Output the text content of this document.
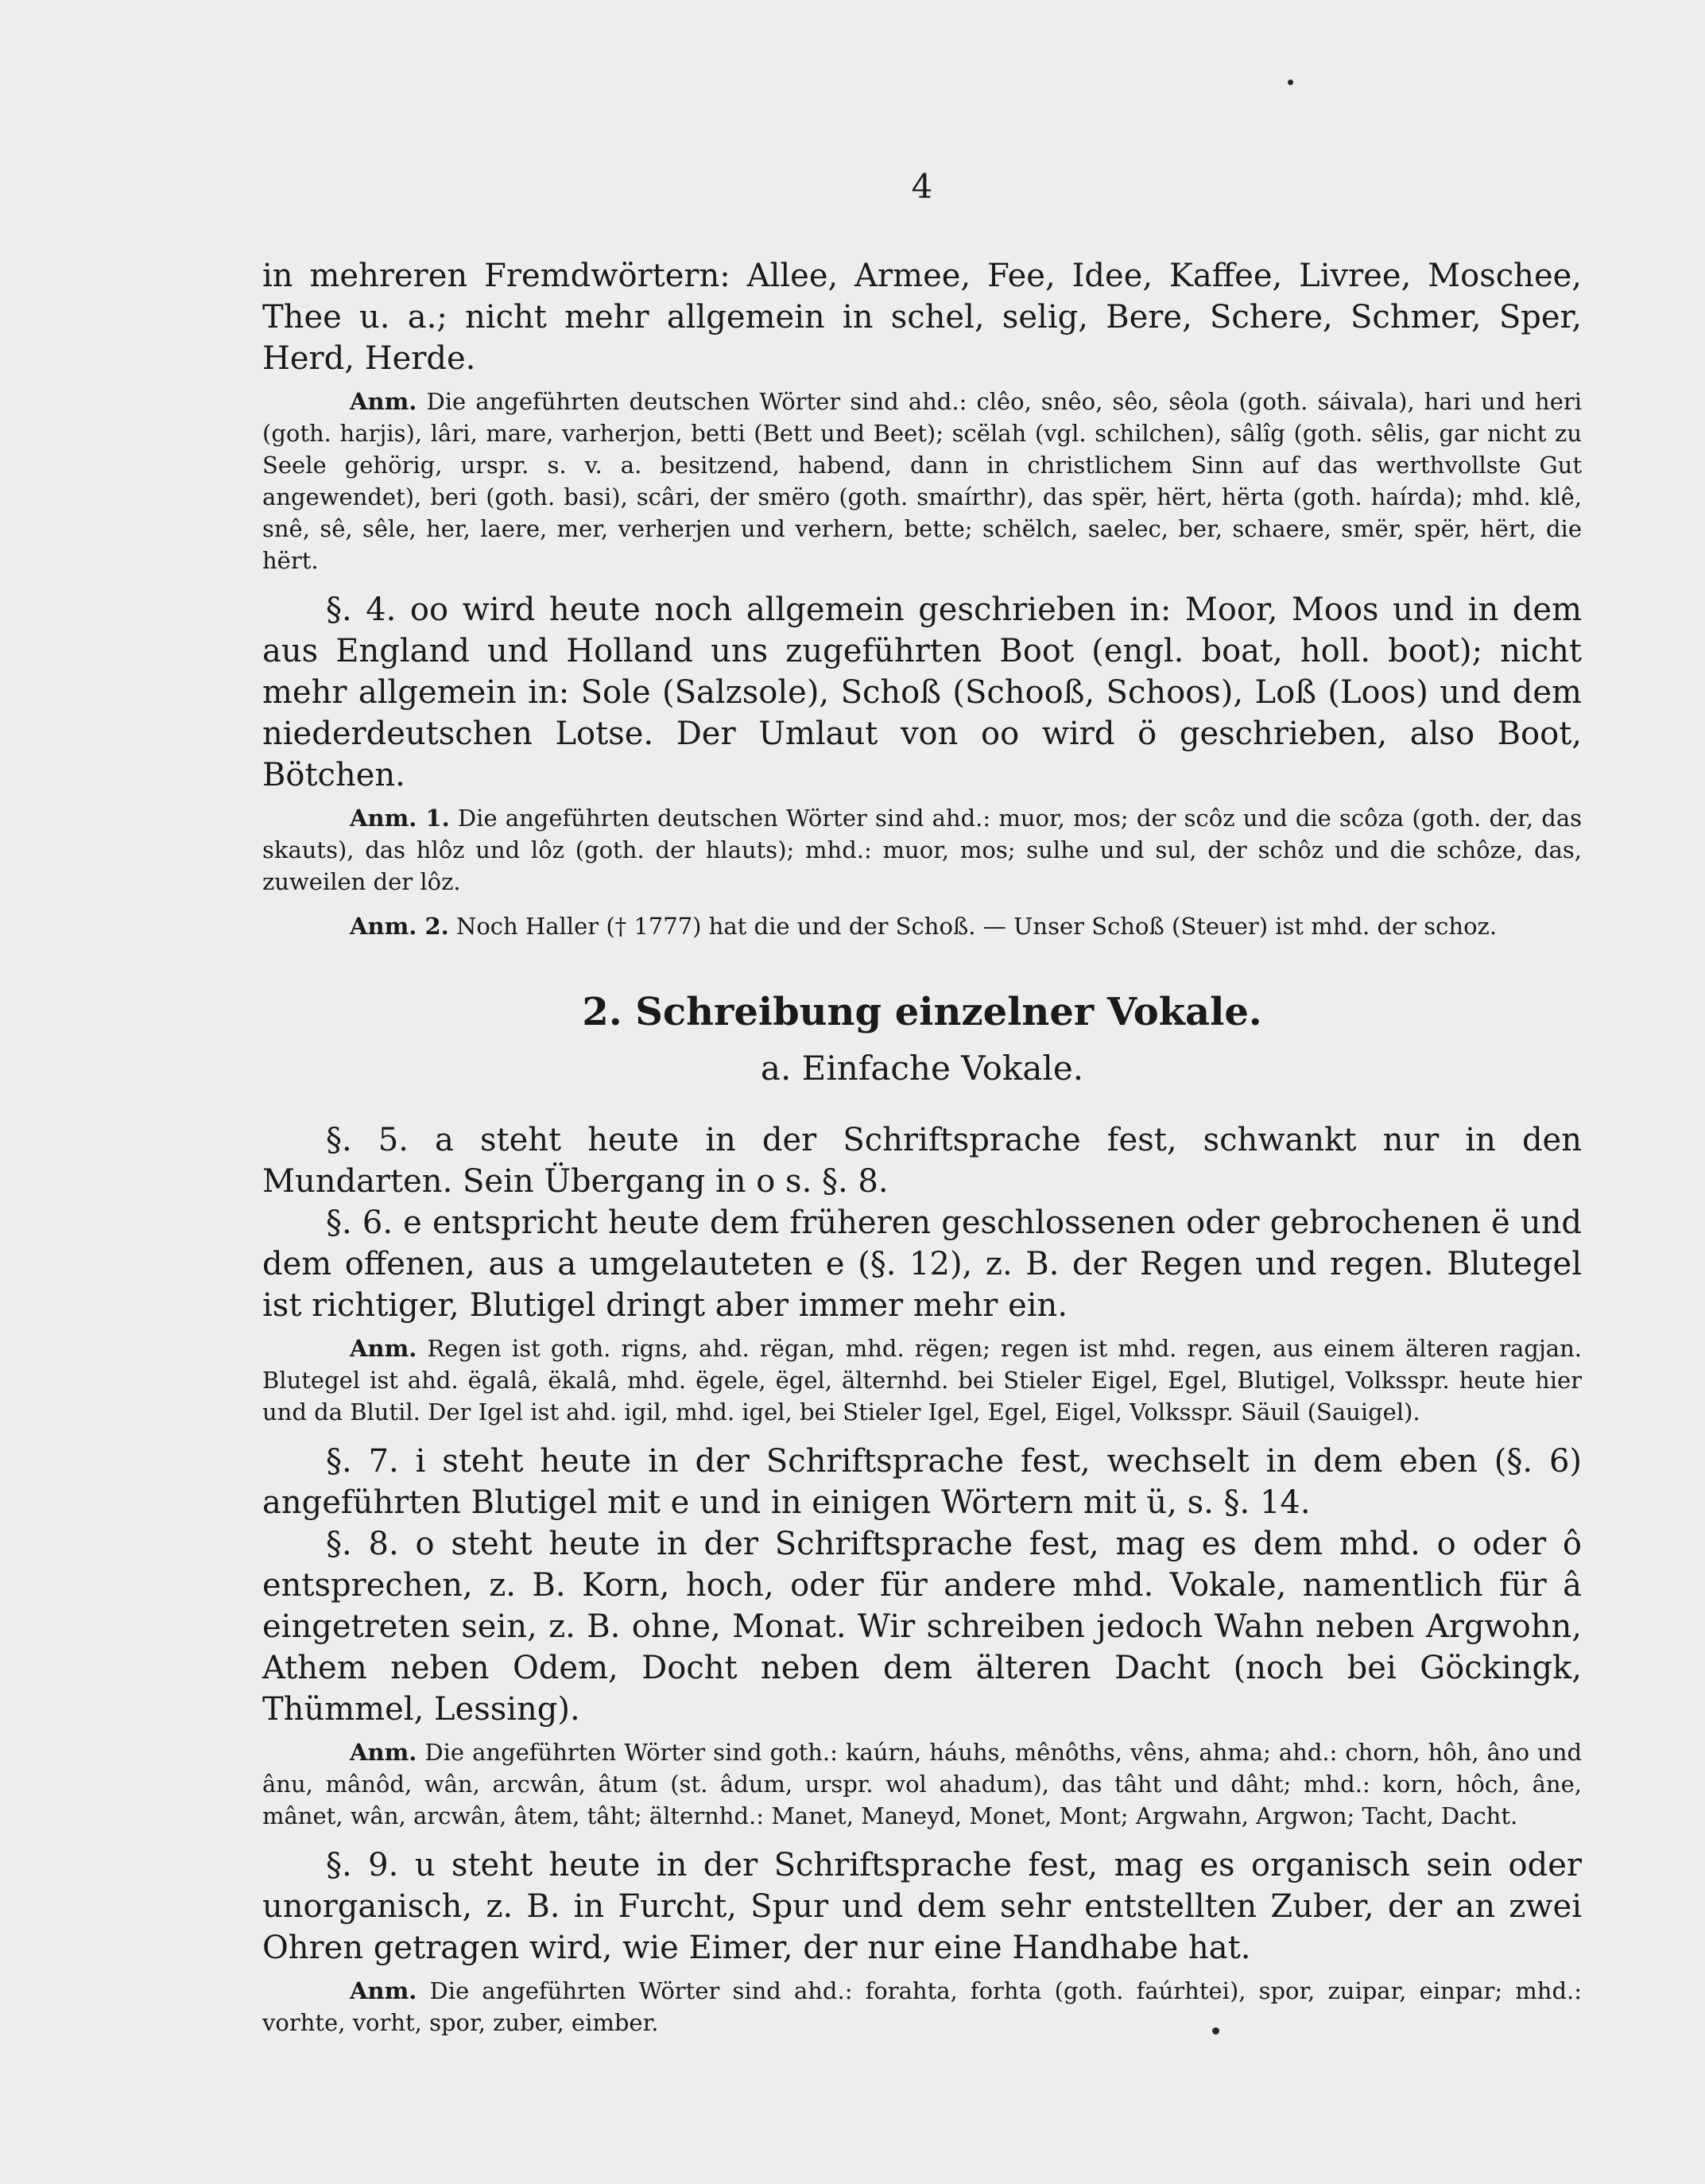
4

in mehreren Fremdwörtern: Allee, Armee, Fee, Idee, Kaffee, Livree, Moschee, Thee u. a.; nicht mehr allgemein in schel, selig, Bere, Schere, Schmer, Sper, Herd, Herde.

Anm. Die angeführten deutschen Wörter sind ahd.: clêo, snêo, sêo, sêola (goth. sáivala), hari und heri (goth. harjis), lâri, mare, varherjon, betti (Bett und Beet); scëlah (vgl. schilchen), sâlîg (goth. sêlis, gar nicht zu Seele gehörig, urspr. s. v. a. besitzend, habend, dann in christlichem Sinn auf das werthvollste Gut angewendet), beri (goth. basi), scâri, der smëro (goth. smaírthr), das spër, hërt, hërta (goth. haírda); mhd. klê, snê, sê, sêle, her, laere, mer, verherjen und verhern, bette; schëlch, saelec, ber, schaere, smër, spër, hërt, die hërt.

§. 4. oo wird heute noch allgemein geschrieben in: Moor, Moos und in dem aus England und Holland uns zugeführten Boot (engl. boat, holl. boot); nicht mehr allgemein in: Sole (Salzsole), Schoß (Schooß, Schoos), Loß (Loos) und dem niederdeutschen Lotse. Der Umlaut von oo wird ö geschrieben, also Boot, Bötchen.

Anm. 1. Die angeführten deutschen Wörter sind ahd.: muor, mos; der scôz und die scôza (goth. der, das skauts), das hlôz und lôz (goth. der hlauts); mhd.: muor, mos; sulhe und sul, der schôz und die schôze, das, zuweilen der lôz.
Anm. 2. Noch Haller († 1777) hat die und der Schoß. — Unser Schoß (Steuer) ist mhd. der schoz.
2. Schreibung einzelner Vokale.
a. Einfache Vokale.

§. 5. a steht heute in der Schriftsprache fest, schwankt nur in den Mundarten. Sein Übergang in o s. §. 8.

§. 6. e entspricht heute dem früheren geschlossenen oder gebrochenen ë und dem offenen, aus a umgelauteten e (§. 12), z. B. der Regen und regen. Blutegel ist richtiger, Blutigel dringt aber immer mehr ein.

Anm. Regen ist goth. rigns, ahd. rëgan, mhd. rëgen; regen ist mhd. regen, aus einem älteren ragjan. Blutegel ist ahd. ëgalâ, ëkalâ, mhd. ëgele, ëgel, älternhd. bei Stieler Eigel, Egel, Blutigel, Volksspr. heute hier und da Blutil. Der Igel ist ahd. igil, mhd. igel, bei Stieler Igel, Egel, Eigel, Volksspr. Säuil (Sauigel).

§. 7. i steht heute in der Schriftsprache fest, wechselt in dem eben (§. 6) angeführten Blutigel mit e und in einigen Wörtern mit ü, s. §. 14.

§. 8. o steht heute in der Schriftsprache fest, mag es dem mhd. o oder ô entsprechen, z. B. Korn, hoch, oder für andere mhd. Vokale, namentlich für â eingetreten sein, z. B. ohne, Monat. Wir schreiben jedoch Wahn neben Argwohn, Athem neben Odem, Docht neben dem älteren Dacht (noch bei Göckingk, Thümmel, Lessing).

Anm. Die angeführten Wörter sind goth.: kaúrn, háuhs, mênôths, vêns, ahma; ahd.: chorn, hôh, âno und ânu, mânôd, wân, arcwân, âtum (st. âdum, urspr. wol ahadum), das tâht und dâht; mhd.: korn, hôch, âne, mânet, wân, arcwân, âtem, tâht; älternhd.: Manet, Maneyd, Monet, Mont; Argwahn, Argwon; Tacht, Dacht.

§. 9. u steht heute in der Schriftsprache fest, mag es organisch sein oder unorganisch, z. B. in Furcht, Spur und dem sehr entstellten Zuber, der an zwei Ohren getragen wird, wie Eimer, der nur eine Handhabe hat.

Anm. Die angeführten Wörter sind ahd.: forahta, forhta (goth. faúrhtei), spor, zuipar, einpar; mhd.: vorhte, vorht, spor, zuber, eimber.
